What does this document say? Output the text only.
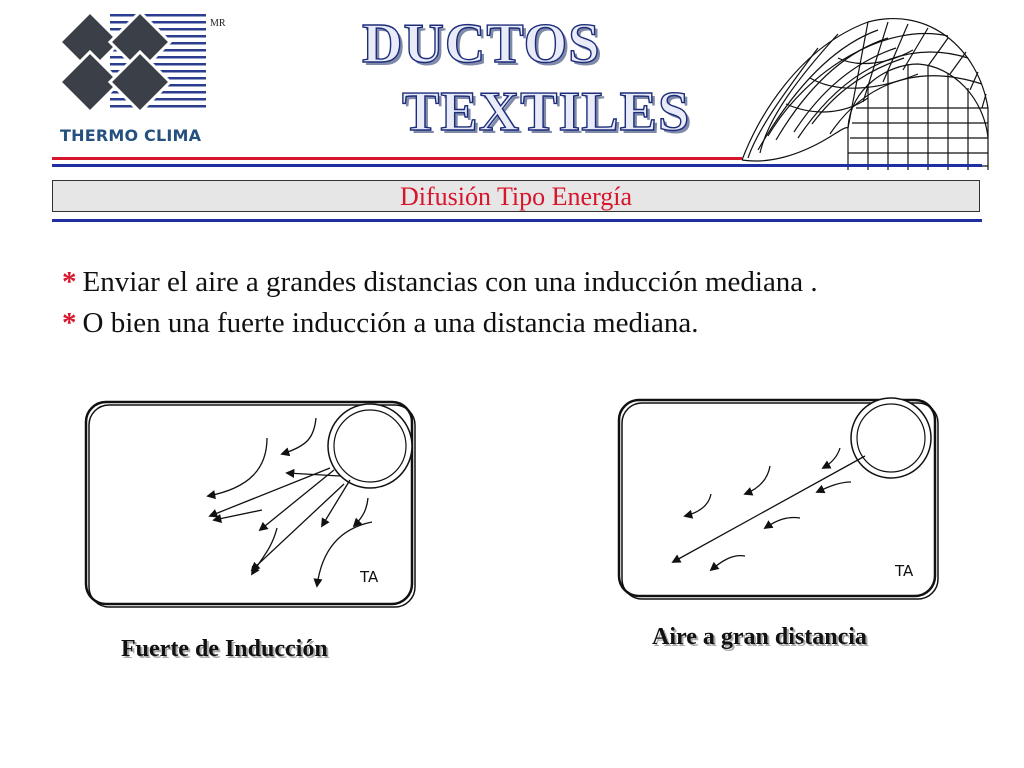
MR
THERMO CLIMA
DUCTOS
TEXTILES
Difusión Tipo Energía
* Enviar el aire a grandes distancias con una inducción mediana .
* O bien una fuerte inducción a una distancia mediana.
TA
Fuerte de Inducción
TA
Aire a gran distancia
